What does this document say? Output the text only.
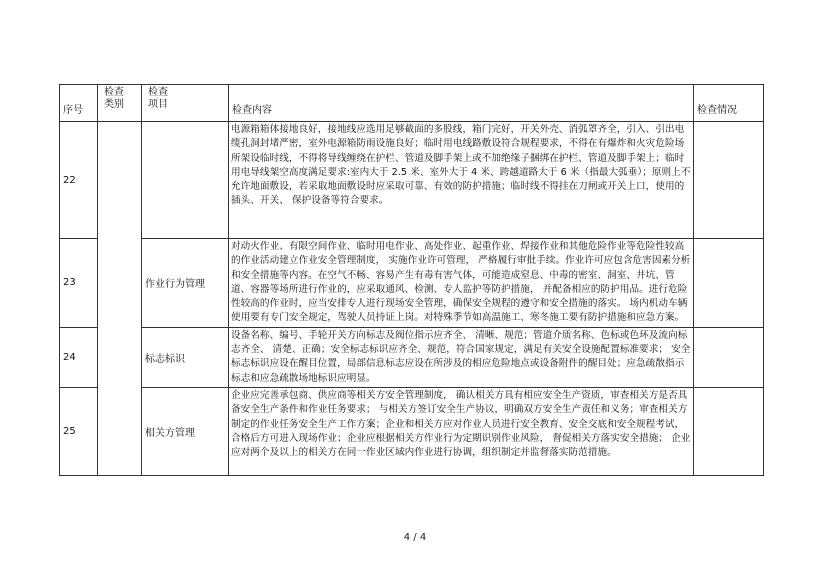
序号	检查类别	检查项目	检查内容	检查情况
22			电源箱箱体接地良好，接地线应选用足够截面的多股线，箱门完好，开关外壳、消弧罩齐全，引入、引出电缆孔洞封堵严密，室外电源箱防雨设施良好；临时用电线路敷设符合规程要求，不得在有爆炸和火灾危险场所架设临时线，不得将导线缠绕在护栏、管道及脚手架上或不加绝缘子捆绑在护栏、管道及脚手架上；临时用电导线架空高度满足要求:室内大于 2.5 米、室外大于 4 米、跨越道路大于 6 米（指最大弧垂）；原则上不允许地面敷设，若采取地面敷设时应采取可靠、有效的防护措施；临时线不得挂在刀闸或开关上口，使用的插头、开关、 保护设备等符合要求。	
23		作业行为管理	对动火作业、有限空间作业、临时用电作业、高处作业、起重作业、焊接作业和其他危险作业等危险性较高的作业活动建立作业安全管理制度， 实施作业许可管理， 严格履行审批手续。作业许可应包含危害因素分析和安全措施等内容。在空气不畅、容易产生有毒有害气体，可能造成窒息、中毒的密室、洞室、井坑、管道、容器等场所进行作业的，应采取通风、检测、专人监护等防护措施， 并配备相应的防护用品。进行危险性较高的作业时，应当安排专人进行现场安全管理，确保安全规程的遵守和安全措施的落实。 场内机动车辆使用要有专门安全规定，驾驶人员持证上岗。对特殊季节如高温施工、寒冬施工要有防护措施和应急方案。	
24		标志标识	设备名称、编号、手轮开关方向标志及阀位指示应齐全、 清晰、规范；管道介质名称、色标或色环及流向标志齐全、 清楚、正确；安全标志标识应齐全、规范，符合国家规定，满足有关安全设施配置标准要求； 安全标志标识应设在醒目位置，局部信息标志应设在所涉及的相应危险地点或设备附件的醒目处；应急疏散指示标志和应急疏散场地标识应明显。	
25		相关方管理	企业应完善承包商、供应商等相关方安全管理制度， 确认相关方具有相应安全生产资质，审查相关方是否具备安全生产条件和作业任务要求； 与相关方签订安全生产协议，明确双方安全生产责任和义务；审查相关方制定的作业任务安全生产工作方案；企业和相关方应对作业人员进行安全教育、安全交底和安全规程考试，合格后方可进入现场作业；企业应根据相关方作业行为定期识别作业风险， 督促相关方落实安全措施； 企业应对两个及以上的相关方在同一作业区域内作业进行协调，组织制定并监督落实防范措施。	
4 / 4
